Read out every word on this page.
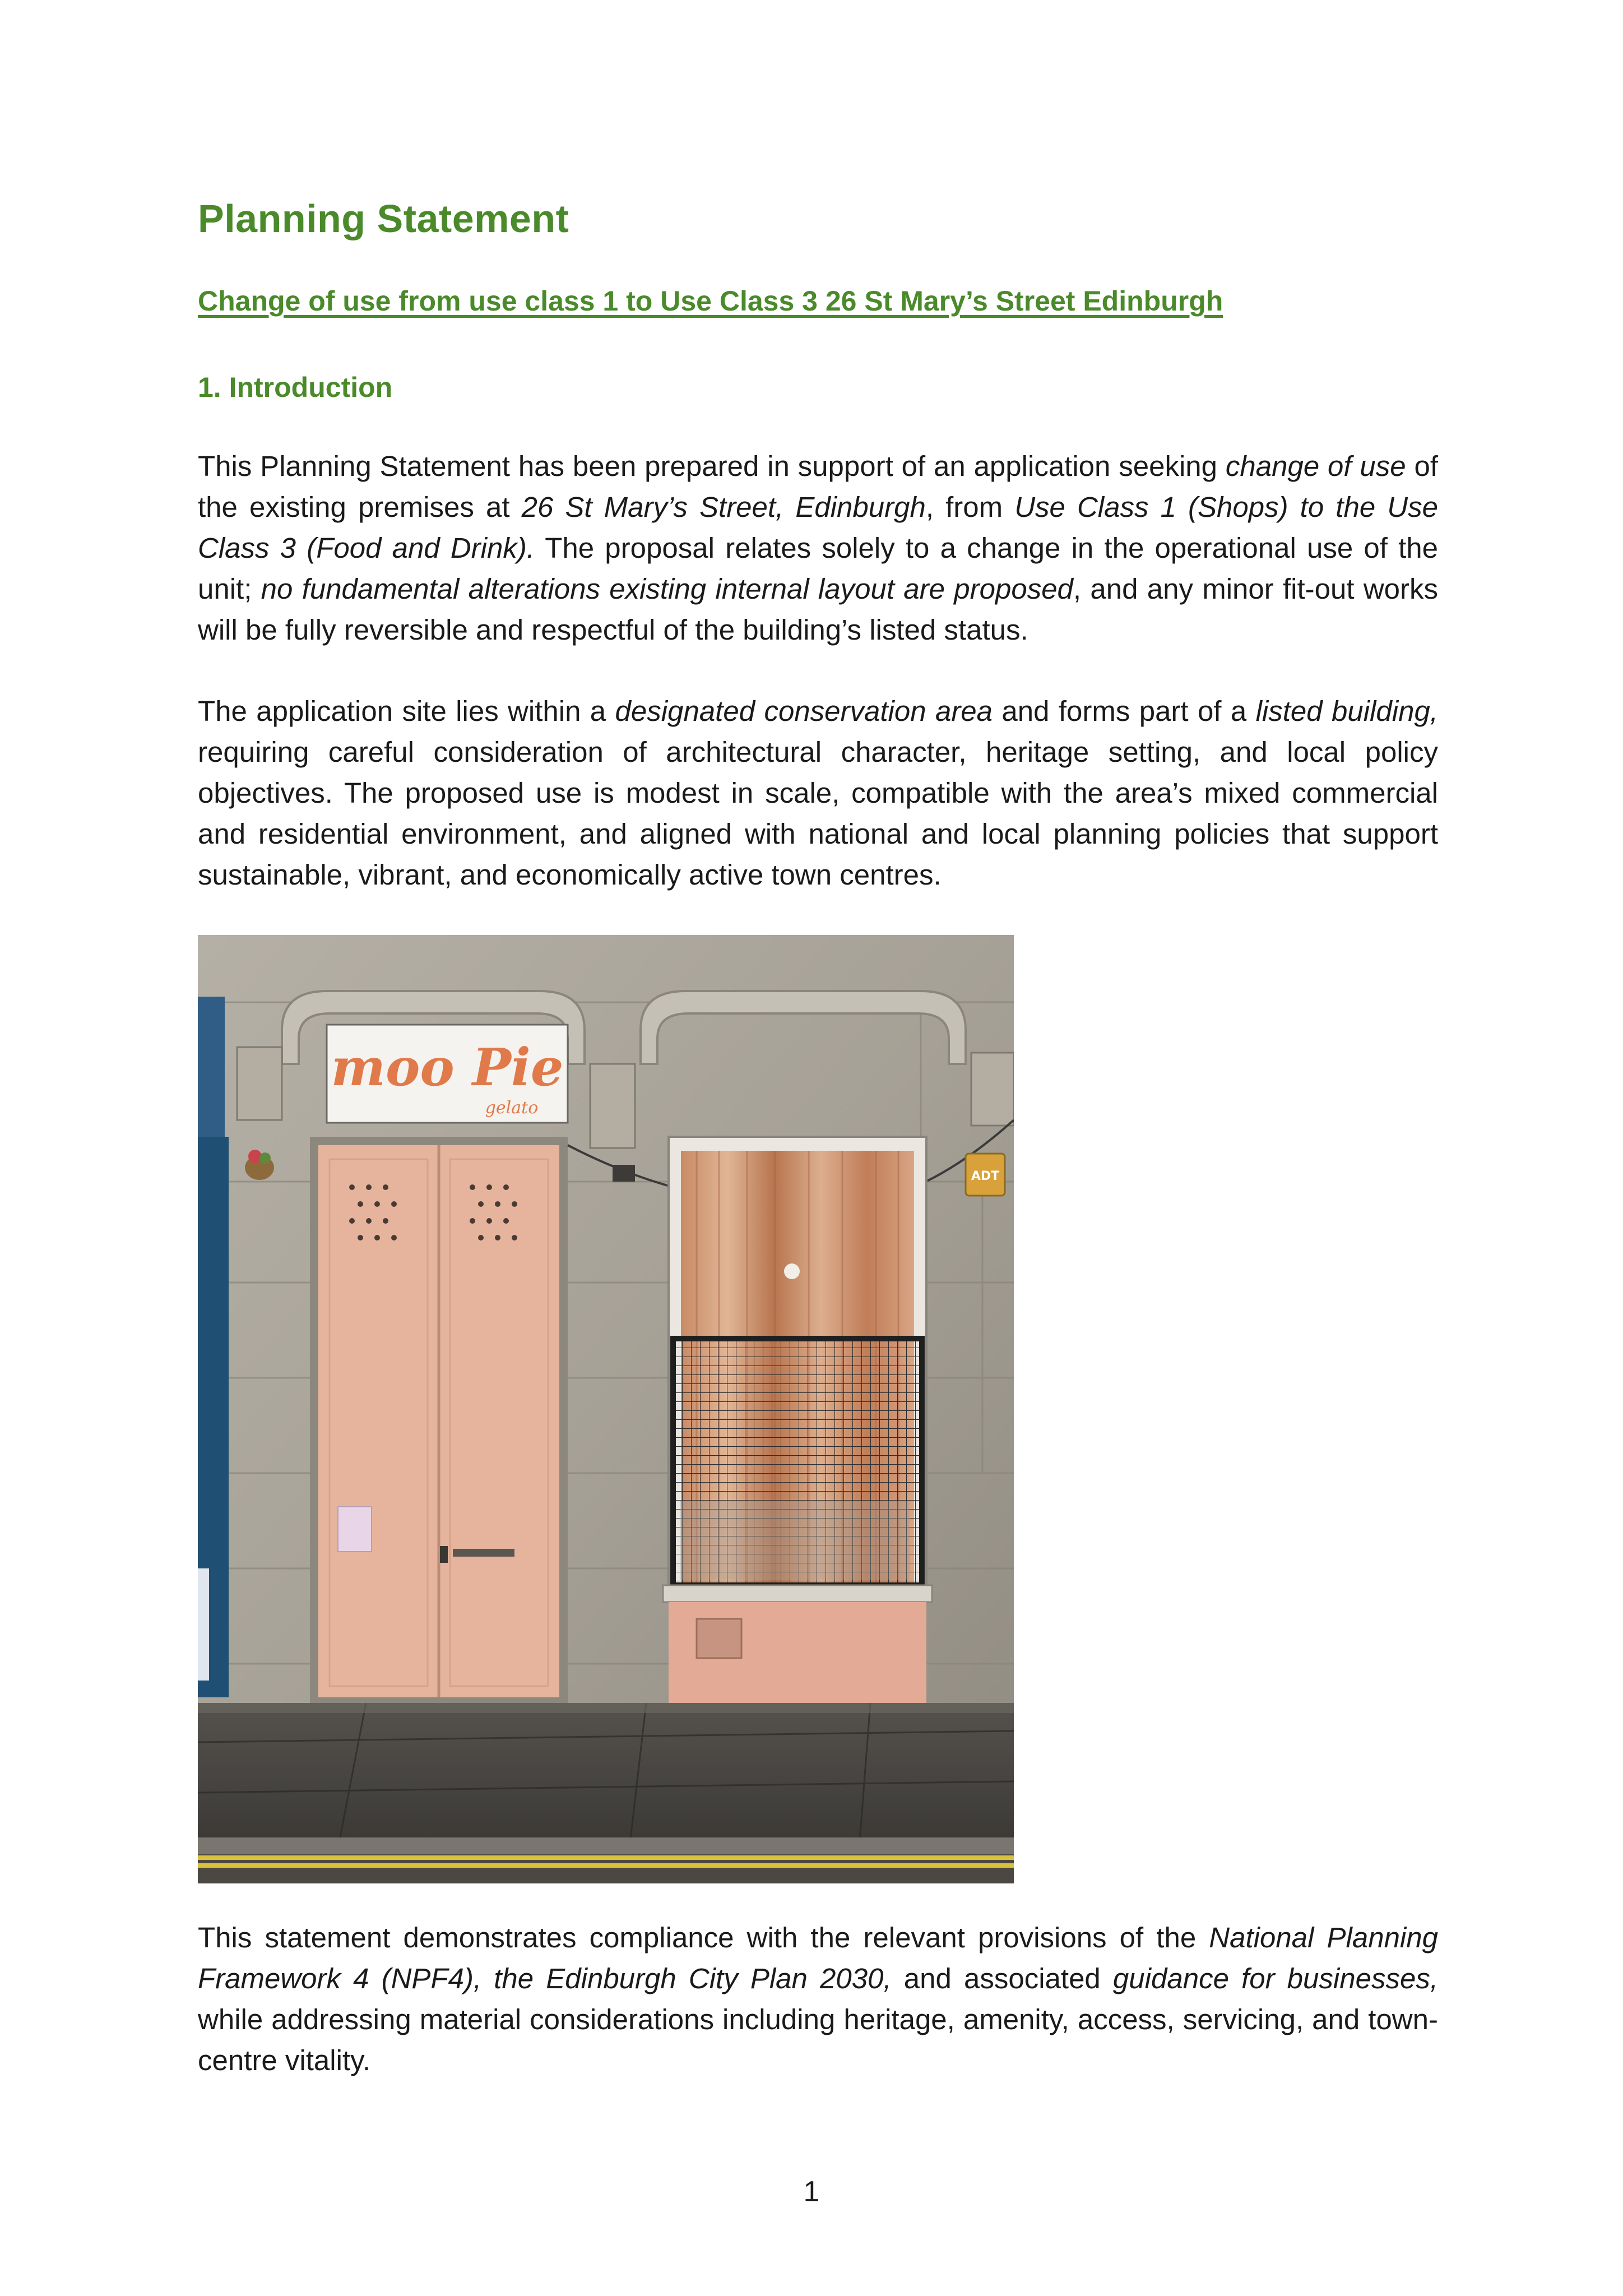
Planning Statement
Change of use from use class 1 to Use Class 3 26 St Mary’s Street Edinburgh
1. Introduction

This Planning Statement has been prepared in support of an application seeking change of use of the existing premises at 26 St Mary’s Street, Edinburgh, from Use Class 1 (Shops) to the Use Class 3 (Food and Drink). The proposal relates solely to a change in the operational use of the unit; no fundamental alterations existing internal layout are proposed, and any minor fit-out works will be fully reversible and respectful of the building’s listed status.

The application site lies within a designated conservation area and forms part of a listed building, requiring careful consideration of architectural character, heritage setting, and local policy objectives. The proposed use is modest in scale, compatible with the area’s mixed commercial and residential environment, and aligned with national and local planning policies that support sustainable, vibrant, and economically active town centres.

moo Pie
gelato
ADT

This statement demonstrates compliance with the relevant provisions of the National Planning Framework 4 (NPF4), the Edinburgh City Plan 2030, and associated guidance for businesses, while addressing material considerations including heritage, amenity, access, servicing, and town-centre vitality.

1
